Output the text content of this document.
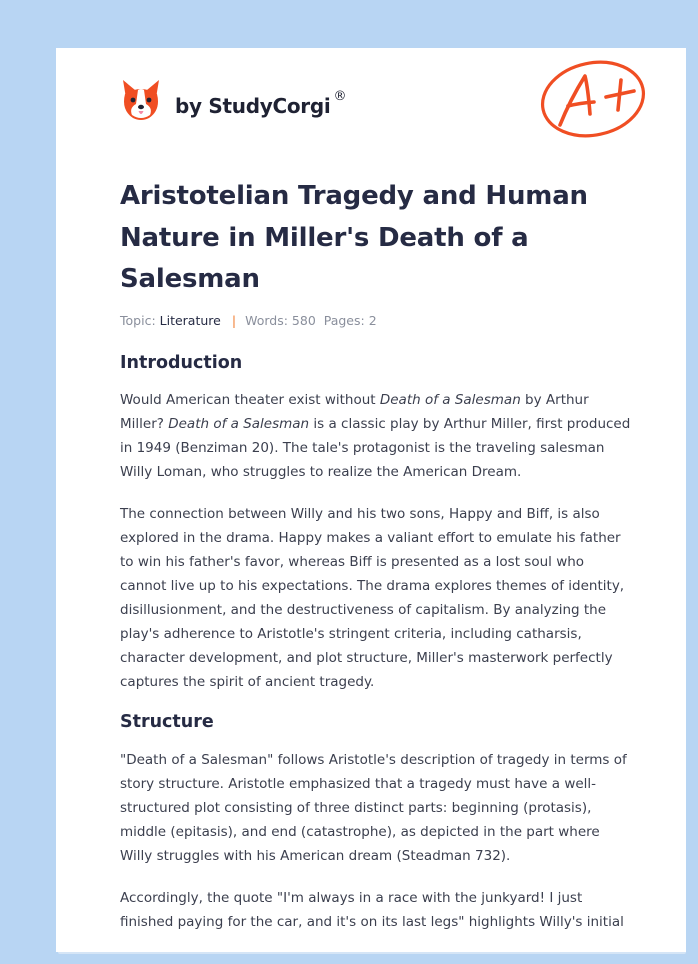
by StudyCorgi ®
Aristotelian Tragedy and Human Nature in Miller's Death of a Salesman
Topic: Literature | Words: 580 Pages: 2
Introduction

Would American theater exist without Death of a Salesman by Arthur Miller? Death of a Salesman is a classic play by Arthur Miller, first produced in 1949 (Benziman 20). The tale's protagonist is the traveling salesman Willy Loman, who struggles to realize the American Dream.

The connection between Willy and his two sons, Happy and Biff, is also explored in the drama. Happy makes a valiant effort to emulate his father to win his father's favor, whereas Biff is presented as a lost soul who cannot live up to his expectations. The drama explores themes of identity, disillusionment, and the destructiveness of capitalism. By analyzing the play's adherence to Aristotle's stringent criteria, including catharsis, character development, and plot structure, Miller's masterwork perfectly captures the spirit of ancient tragedy.

Structure

"Death of a Salesman" follows Aristotle's description of tragedy in terms of story structure. Aristotle emphasized that a tragedy must have a well-structured plot consisting of three distinct parts: beginning (protasis), middle (epitasis), and end (catastrophe), as depicted in the part where Willy struggles with his American dream (Steadman 732).

Accordingly, the quote "I'm always in a race with the junkyard! I just finished paying for the car, and it's on its last legs" highlights Willy's initial
